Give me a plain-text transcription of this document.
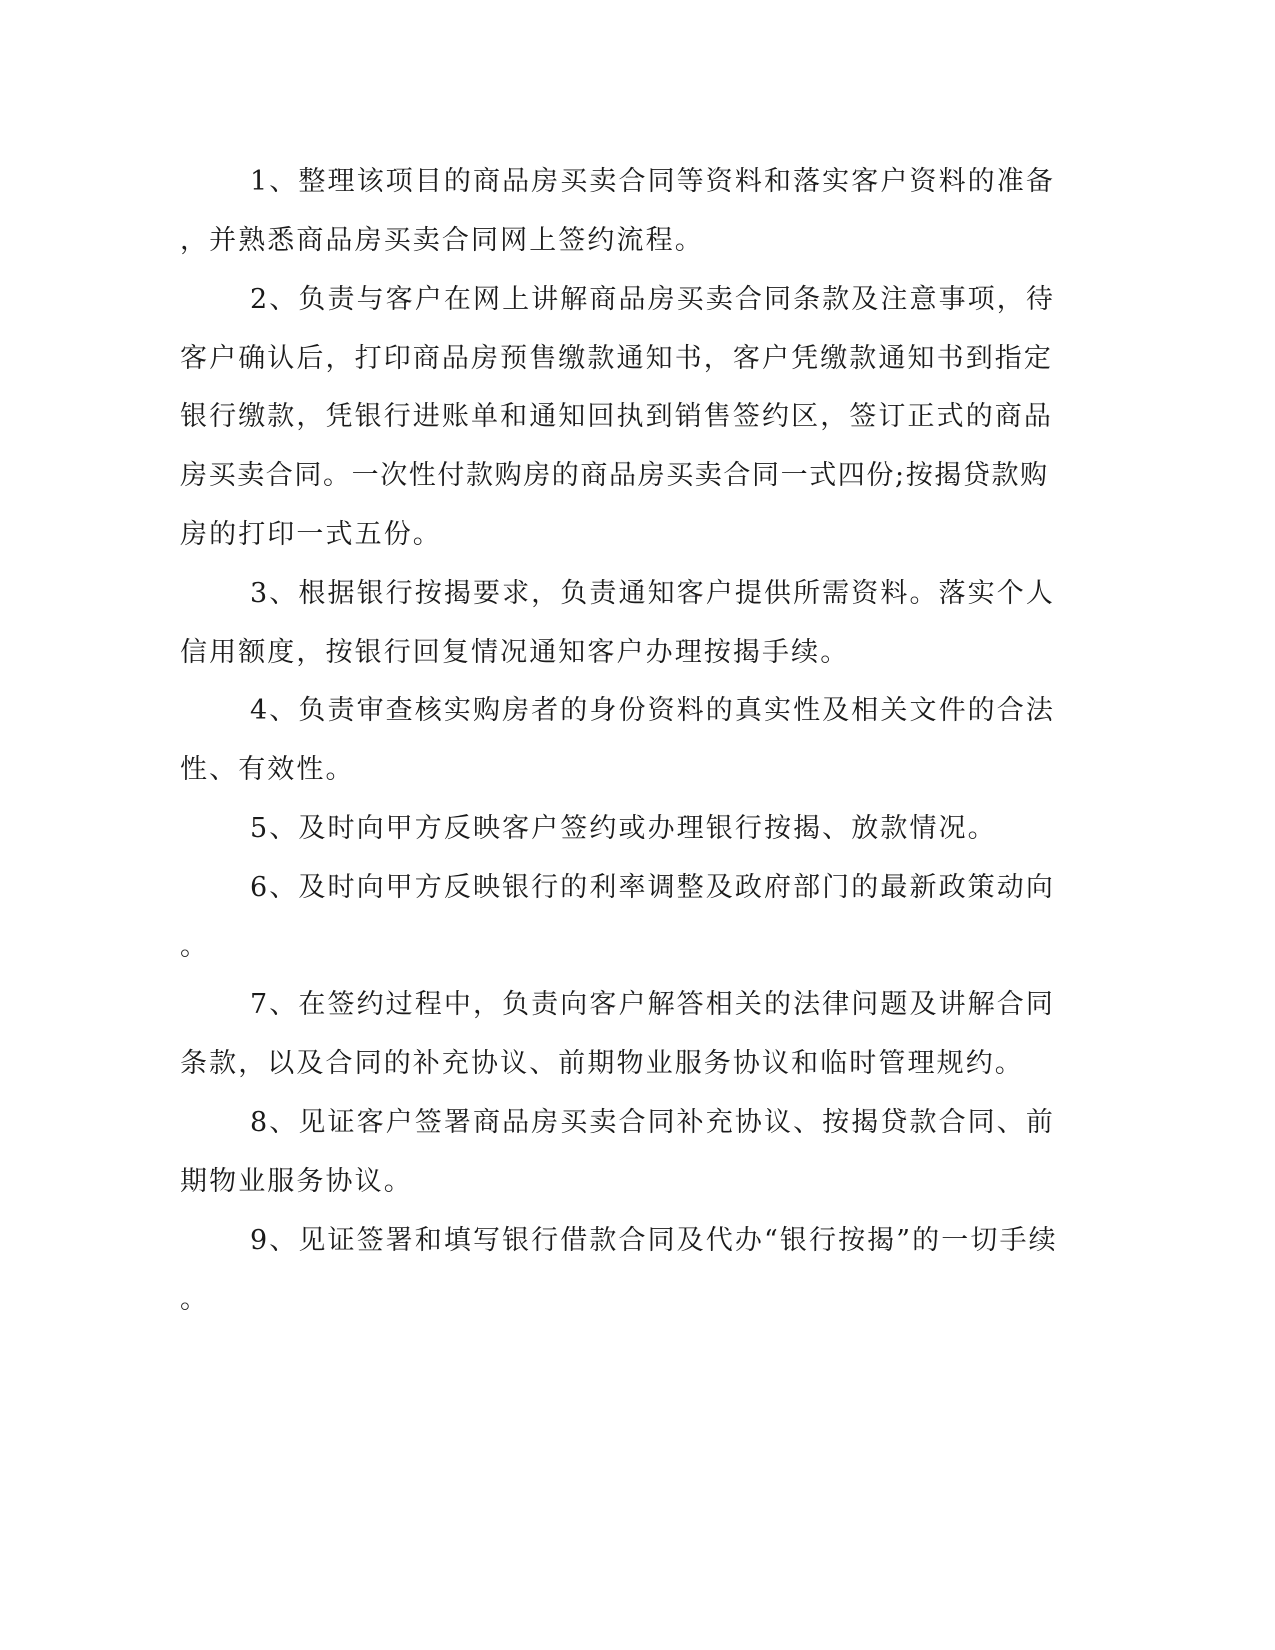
1、整理该项目的商品房买卖合同等资料和落实客户资料的准备
，并熟悉商品房买卖合同网上签约流程。
2、负责与客户在网上讲解商品房买卖合同条款及注意事项，待
客户确认后，打印商品房预售缴款通知书，客户凭缴款通知书到指定
银行缴款，凭银行进账单和通知回执到销售签约区，签订正式的商品
房买卖合同。一次性付款购房的商品房买卖合同一式四份;按揭贷款购
房的打印一式五份。
3、根据银行按揭要求，负责通知客户提供所需资料。落实个人
信用额度，按银行回复情况通知客户办理按揭手续。
4、负责审查核实购房者的身份资料的真实性及相关文件的合法
性、有效性。
5、及时向甲方反映客户签约或办理银行按揭、放款情况。
6、及时向甲方反映银行的利率调整及政府部门的最新政策动向
。
7、在签约过程中，负责向客户解答相关的法律问题及讲解合同
条款，以及合同的补充协议、前期物业服务协议和临时管理规约。
8、见证客户签署商品房买卖合同补充协议、按揭贷款合同、前
期物业服务协议。
9、见证签署和填写银行借款合同及代办“银行按揭”的一切手续
。
